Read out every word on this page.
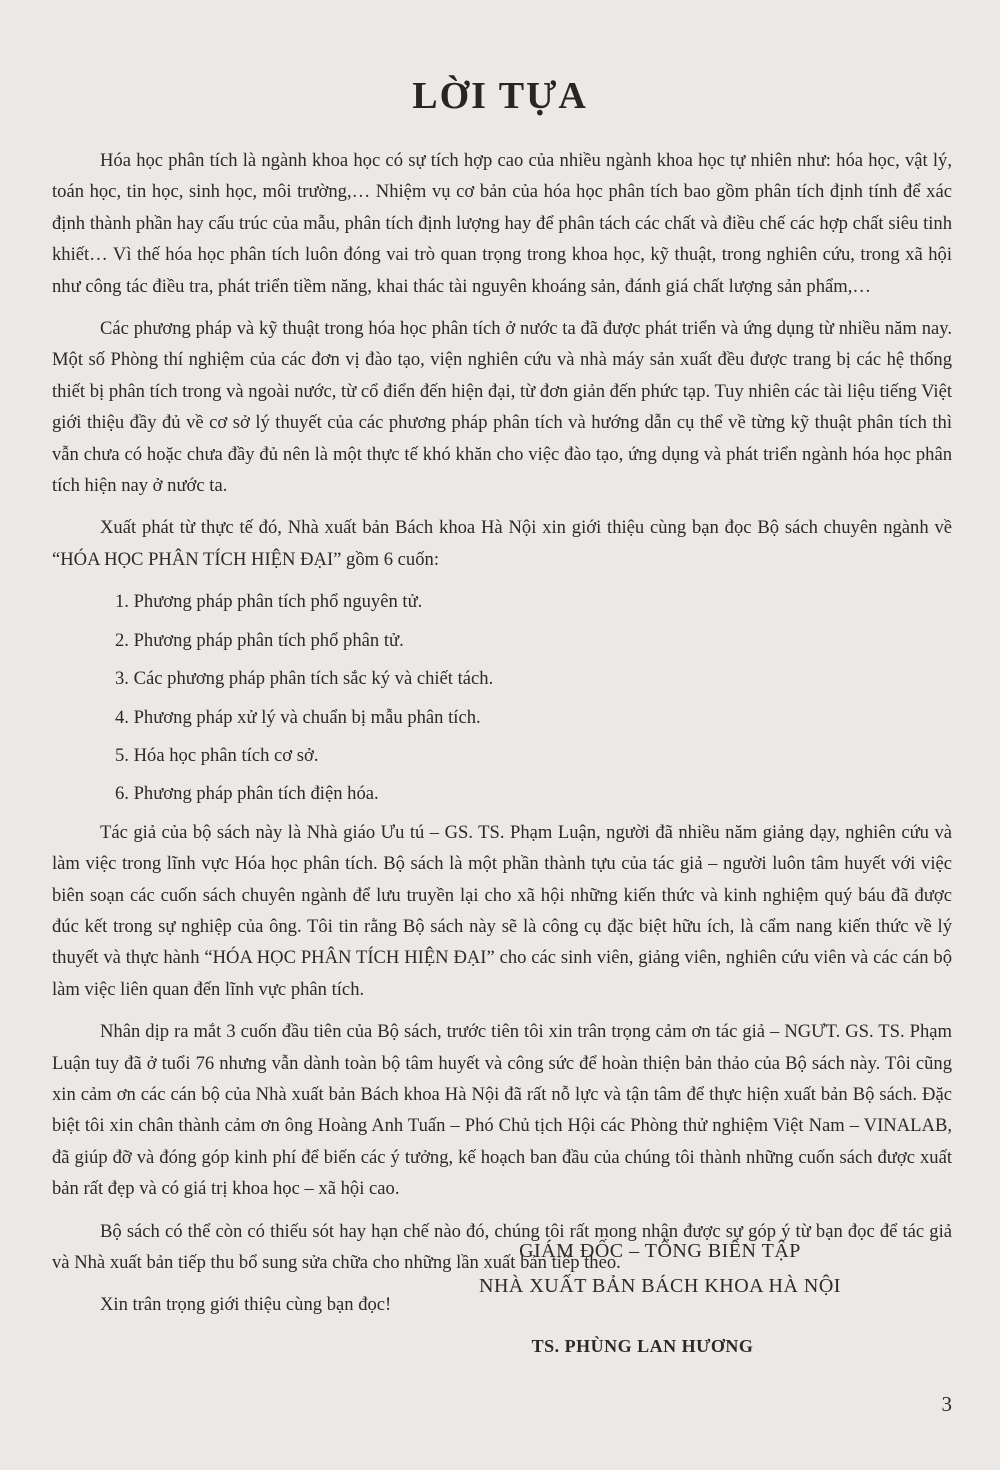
LỜI TỰA

Hóa học phân tích là ngành khoa học có sự tích hợp cao của nhiều ngành khoa học tự nhiên như: hóa học, vật lý, toán học, tin học, sinh học, môi trường,… Nhiệm vụ cơ bản của hóa học phân tích bao gồm phân tích định tính để xác định thành phần hay cấu trúc của mẫu, phân tích định lượng hay để phân tách các chất và điều chế các hợp chất siêu tinh khiết… Vì thế hóa học phân tích luôn đóng vai trò quan trọng trong khoa học, kỹ thuật, trong nghiên cứu, trong xã hội như công tác điều tra, phát triển tiềm năng, khai thác tài nguyên khoáng sản, đánh giá chất lượng sản phẩm,…

Các phương pháp và kỹ thuật trong hóa học phân tích ở nước ta đã được phát triển và ứng dụng từ nhiều năm nay. Một số Phòng thí nghiệm của các đơn vị đào tạo, viện nghiên cứu và nhà máy sản xuất đều được trang bị các hệ thống thiết bị phân tích trong và ngoài nước, từ cổ điển đến hiện đại, từ đơn giản đến phức tạp. Tuy nhiên các tài liệu tiếng Việt giới thiệu đầy đủ về cơ sở lý thuyết của các phương pháp phân tích và hướng dẫn cụ thể về từng kỹ thuật phân tích thì vẫn chưa có hoặc chưa đầy đủ nên là một thực tế khó khăn cho việc đào tạo, ứng dụng và phát triển ngành hóa học phân tích hiện nay ở nước ta.

Xuất phát từ thực tế đó, Nhà xuất bản Bách khoa Hà Nội xin giới thiệu cùng bạn đọc Bộ sách chuyên ngành về “HÓA HỌC PHÂN TÍCH HIỆN ĐẠI” gồm 6 cuốn:

1. Phương pháp phân tích phổ nguyên tử.

2. Phương pháp phân tích phổ phân tử.

3. Các phương pháp phân tích sắc ký và chiết tách.

4. Phương pháp xử lý và chuẩn bị mẫu phân tích.

5. Hóa học phân tích cơ sở.

6. Phương pháp phân tích điện hóa.

Tác giả của bộ sách này là Nhà giáo Ưu tú – GS. TS. Phạm Luận, người đã nhiều năm giảng dạy, nghiên cứu và làm việc trong lĩnh vực Hóa học phân tích. Bộ sách là một phần thành tựu của tác giả – người luôn tâm huyết với việc biên soạn các cuốn sách chuyên ngành để lưu truyền lại cho xã hội những kiến thức và kinh nghiệm quý báu đã được đúc kết trong sự nghiệp của ông. Tôi tin rằng Bộ sách này sẽ là công cụ đặc biệt hữu ích, là cẩm nang kiến thức về lý thuyết và thực hành “HÓA HỌC PHÂN TÍCH HIỆN ĐẠI” cho các sinh viên, giảng viên, nghiên cứu viên và các cán bộ làm việc liên quan đến lĩnh vực phân tích.

Nhân dịp ra mắt 3 cuốn đầu tiên của Bộ sách, trước tiên tôi xin trân trọng cảm ơn tác giả – NGƯT. GS. TS. Phạm Luận tuy đã ở tuổi 76 nhưng vẫn dành toàn bộ tâm huyết và công sức để hoàn thiện bản thảo của Bộ sách này. Tôi cũng xin cảm ơn các cán bộ của Nhà xuất bản Bách khoa Hà Nội đã rất nỗ lực và tận tâm để thực hiện xuất bản Bộ sách. Đặc biệt tôi xin chân thành cảm ơn ông Hoàng Anh Tuấn – Phó Chủ tịch Hội các Phòng thử nghiệm Việt Nam – VINALAB, đã giúp đỡ và đóng góp kinh phí để biến các ý tưởng, kế hoạch ban đầu của chúng tôi thành những cuốn sách được xuất bản rất đẹp và có giá trị khoa học – xã hội cao.

Bộ sách có thể còn có thiếu sót hay hạn chế nào đó, chúng tôi rất mong nhận được sự góp ý từ bạn đọc để tác giả và Nhà xuất bản tiếp thu bổ sung sửa chữa cho những lần xuất bản tiếp theo.

Xin trân trọng giới thiệu cùng bạn đọc!

GIÁM ĐỐC – TỔNG BIÊN TẬP
NHÀ XUẤT BẢN BÁCH KHOA HÀ NỘI
TS. PHÙNG LAN HƯƠNG
3
